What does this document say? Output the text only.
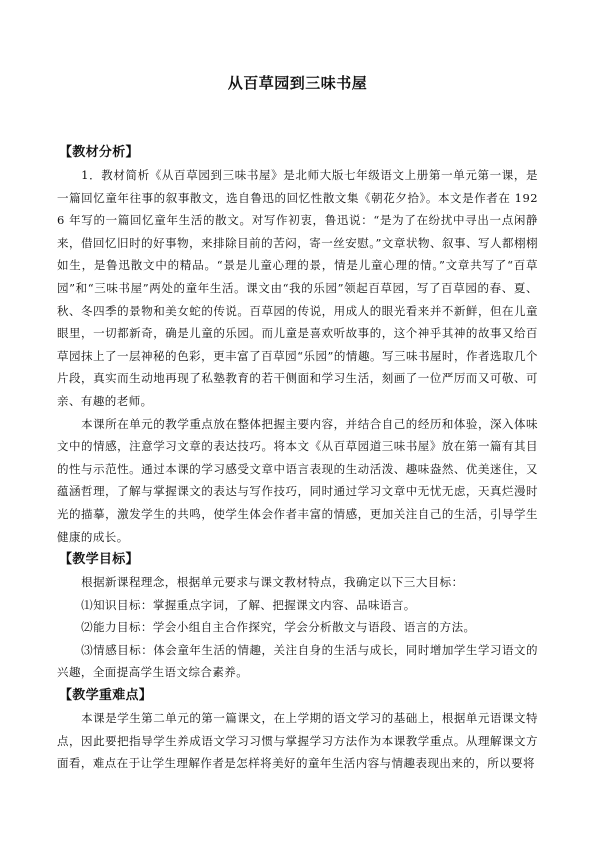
从百草园到三味书屋
【教材分析】

1．教材简析《从百草园到三味书屋》是北师大版七年级语文上册第一单元第一课，是一篇回忆童年往事的叙事散文，选自鲁迅的回忆性散文集《朝花夕拾》。本文是作者在 1926 年写的一篇回忆童年生活的散文。对写作初衷，鲁迅说：“是为了在纷扰中寻出一点闲静来，借回忆旧时的好事物，来排除目前的苦闷，寄一丝安慰。”文章状物、叙事、写人都栩栩如生，是鲁迅散文中的精品。“景是儿童心理的景，情是儿童心理的情。”文章共写了“百草园”和“三味书屋”两处的童年生活。课文由“我的乐园”领起百草园，写了百草园的春、夏、秋、冬四季的景物和美女蛇的传说。百草园的传说，用成人的眼光看来并不新鲜，但在儿童眼里，一切都新奇，确是儿童的乐园。而儿童是喜欢听故事的，这个神乎其神的故事又给百草园抹上了一层神秘的色彩，更丰富了百草园“乐园”的情趣。写三味书屋时，作者选取几个片段，真实而生动地再现了私塾教育的若干侧面和学习生活，刻画了一位严厉而又可敬、可亲、有趣的老师。

本课所在单元的教学重点放在整体把握主要内容，并结合自己的经历和体验，深入体味文中的情感，注意学习文章的表达技巧。将本文《从百草园道三味书屋》放在第一篇有其目的性与示范性。通过本课的学习感受文章中语言表现的生动活泼、趣味盎然、优美迷住，又蕴涵哲理，了解与掌握课文的表达与写作技巧，同时通过学习文章中无忧无虑，天真烂漫时光的描摹，激发学生的共鸣，使学生体会作者丰富的情感，更加关注自己的生活，引导学生健康的成长。

【教学目标】

根据新课程理念，根据单元要求与课文教材特点，我确定以下三大目标：

⑴知识目标：掌握重点字词，了解、把握课文内容、品味语言。

⑵能力目标：学会小组自主合作探究，学会分析散文与语段、语言的方法。

⑶情感目标：体会童年生活的情趣，关注自身的生活与成长，同时增加学生学习语文的兴趣，全面提高学生语文综合素养。

【教学重难点】

本课是学生第二单元的第一篇课文，在上学期的语文学习的基础上，根据单元语课文特点，因此要把指导学生养成语文学习习惯与掌握学习方法作为本课教学重点。从理解课文方面看，难点在于让学生理解作者是怎样将美好的童年生活内容与情趣表现出来的，所以要将
